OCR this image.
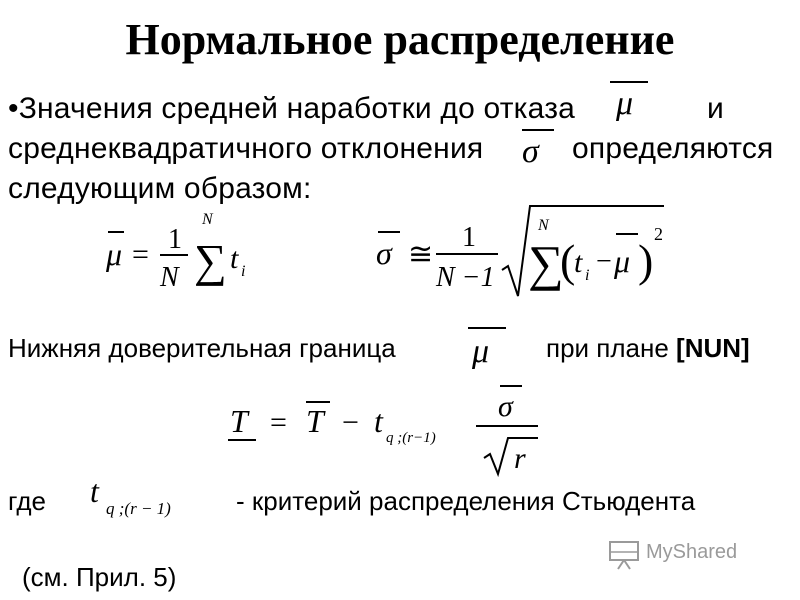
Нормальное распределение
•Значения средней наработки до отказа μ и
среднеквадратичного отклонения σ определяются
следующим образом:
μ = 1
N
N
∑ t i
σ ≅
1
N −1
N
∑
(
t i − μ )
2
Нижняя доверительная граница μ при плане [NUN]
T = T − t q ;(r−1)
σ
r
где t q ;(r − 1)	- критерий распределения Стьюдента
(см. Прил. 5)
MyShared
